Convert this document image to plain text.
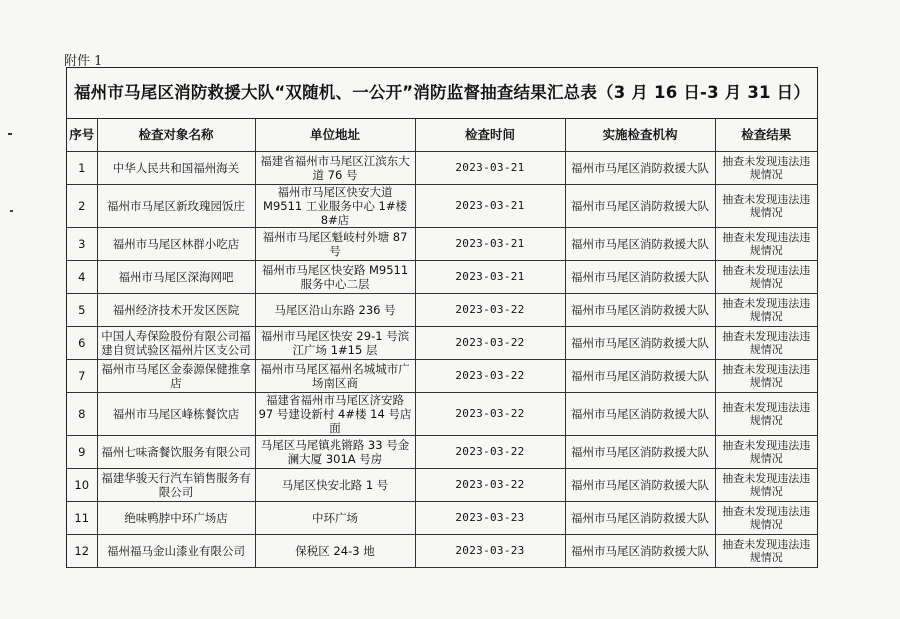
附件 1
福州市马尾区消防救援大队“双随机、一公开”消防监督抽查结果汇总表（3 月 16 日-3 月 31 日）
序号	检查对象名称	单位地址	检查时间	实施检查机构	检查结果
1	中华人民共和国福州海关	福建省福州市马尾区江滨东大道 76 号	2023-03-21	福州市马尾区消防救援大队	抽查未发现违法违规情况
2	福州市马尾区新玫瑰园饭庄	福州市马尾区快安大道 M9511 工业服务中心 1#楼 8#店	2023-03-21	福州市马尾区消防救援大队	抽查未发现违法违规情况
3	福州市马尾区林群小吃店	福州市马尾区魁岐村外塘 87 号	2023-03-21	福州市马尾区消防救援大队	抽查未发现违法违规情况
4	福州市马尾区深海网吧	福州市马尾区快安路 M9511 服务中心二层	2023-03-21	福州市马尾区消防救援大队	抽查未发现违法违规情况
5	福州经济技术开发区医院	马尾区沿山东路 236 号	2023-03-22	福州市马尾区消防救援大队	抽查未发现违法违规情况
6	中国人寿保险股份有限公司福建自贸试验区福州片区支公司	福州市马尾区快安 29-1 号滨江广场 1#15 层	2023-03-22	福州市马尾区消防救援大队	抽查未发现违法违规情况
7	福州市马尾区金泰源保健推拿店	福州市马尾区福州名城城市广场南区商	2023-03-22	福州市马尾区消防救援大队	抽查未发现违法违规情况
8	福州市马尾区峰栋餐饮店	福建省福州市马尾区济安路 97 号建设新村 4#楼 14 号店面	2023-03-22	福州市马尾区消防救援大队	抽查未发现违法违规情况
9	福州七味斋餐饮服务有限公司	马尾区马尾镇兆锵路 33 号金澜大厦 301A 号房	2023-03-22	福州市马尾区消防救援大队	抽查未发现违法违规情况
10	福建华骏天行汽车销售服务有限公司	马尾区快安北路 1 号	2023-03-22	福州市马尾区消防救援大队	抽查未发现违法违规情况
11	绝味鸭脖中环广场店	中环广场	2023-03-23	福州市马尾区消防救援大队	抽查未发现违法违规情况
12	福州福马金山漆业有限公司	保税区 24-3 地	2023-03-23	福州市马尾区消防救援大队	抽查未发现违法违规情况
